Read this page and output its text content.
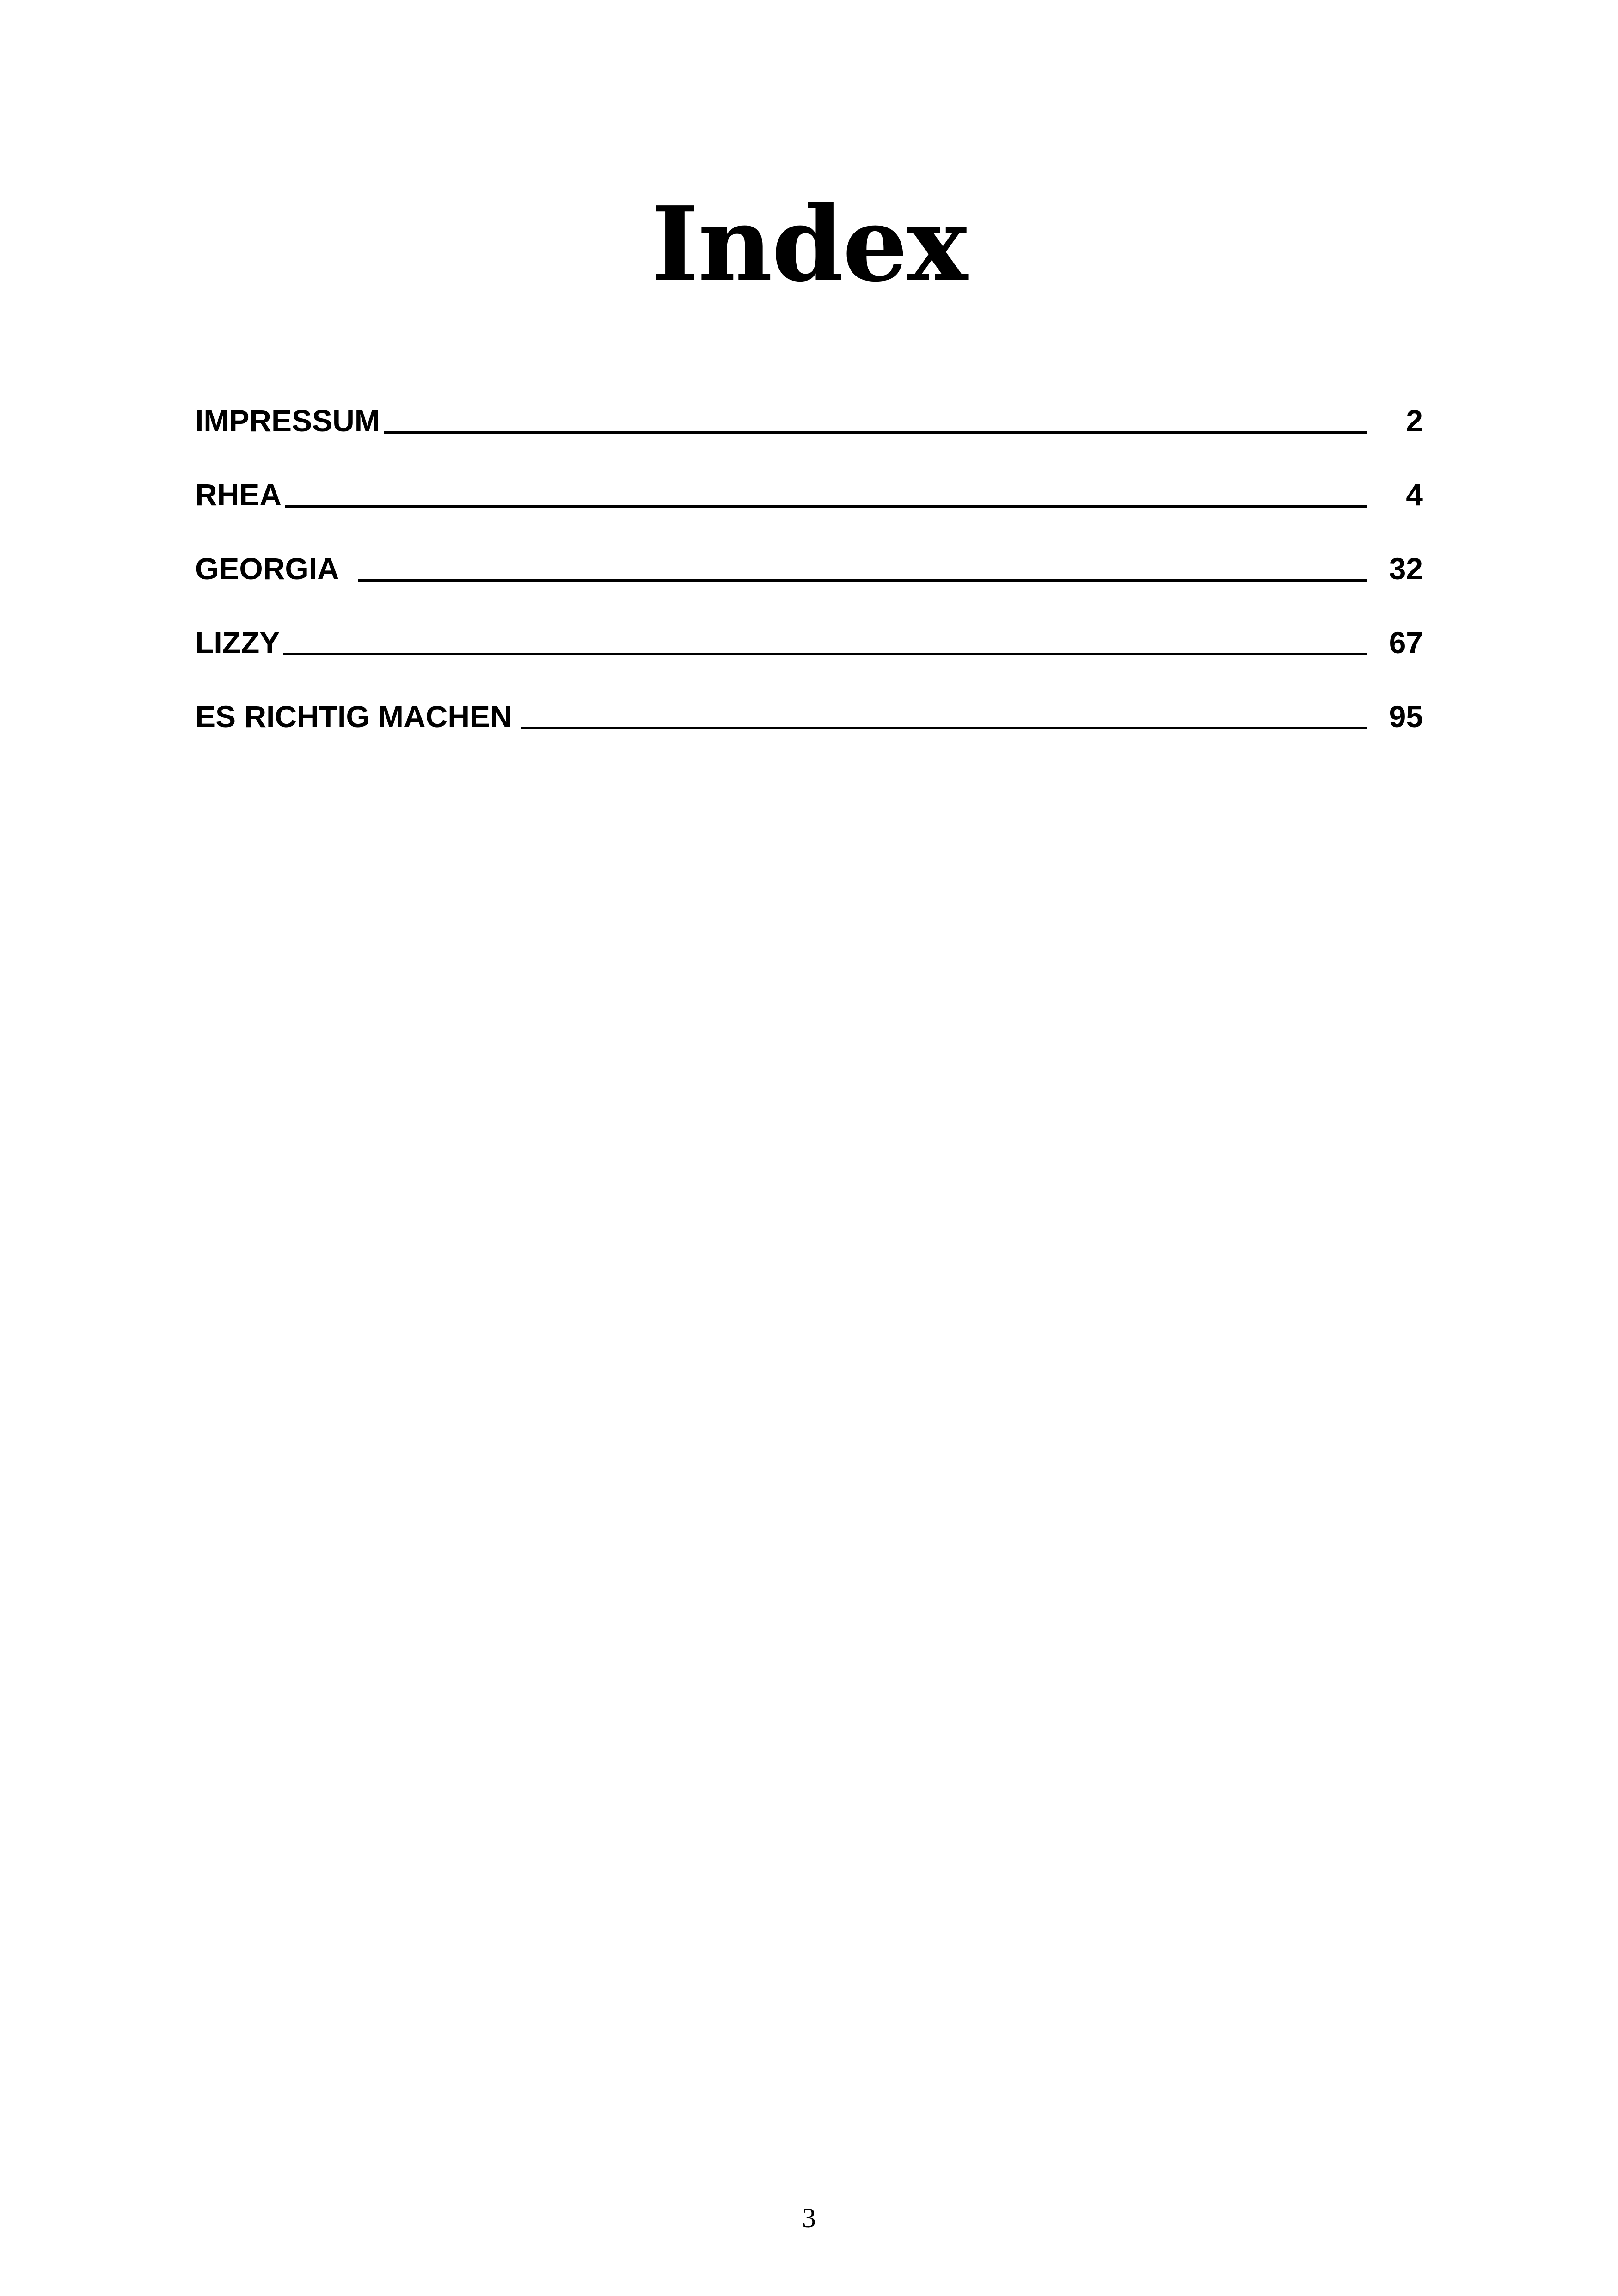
Index
IMPRESSUM	2
RHEA	4
GEORGIA	32
LIZZY	67
ES RICHTIG MACHEN	95
3
